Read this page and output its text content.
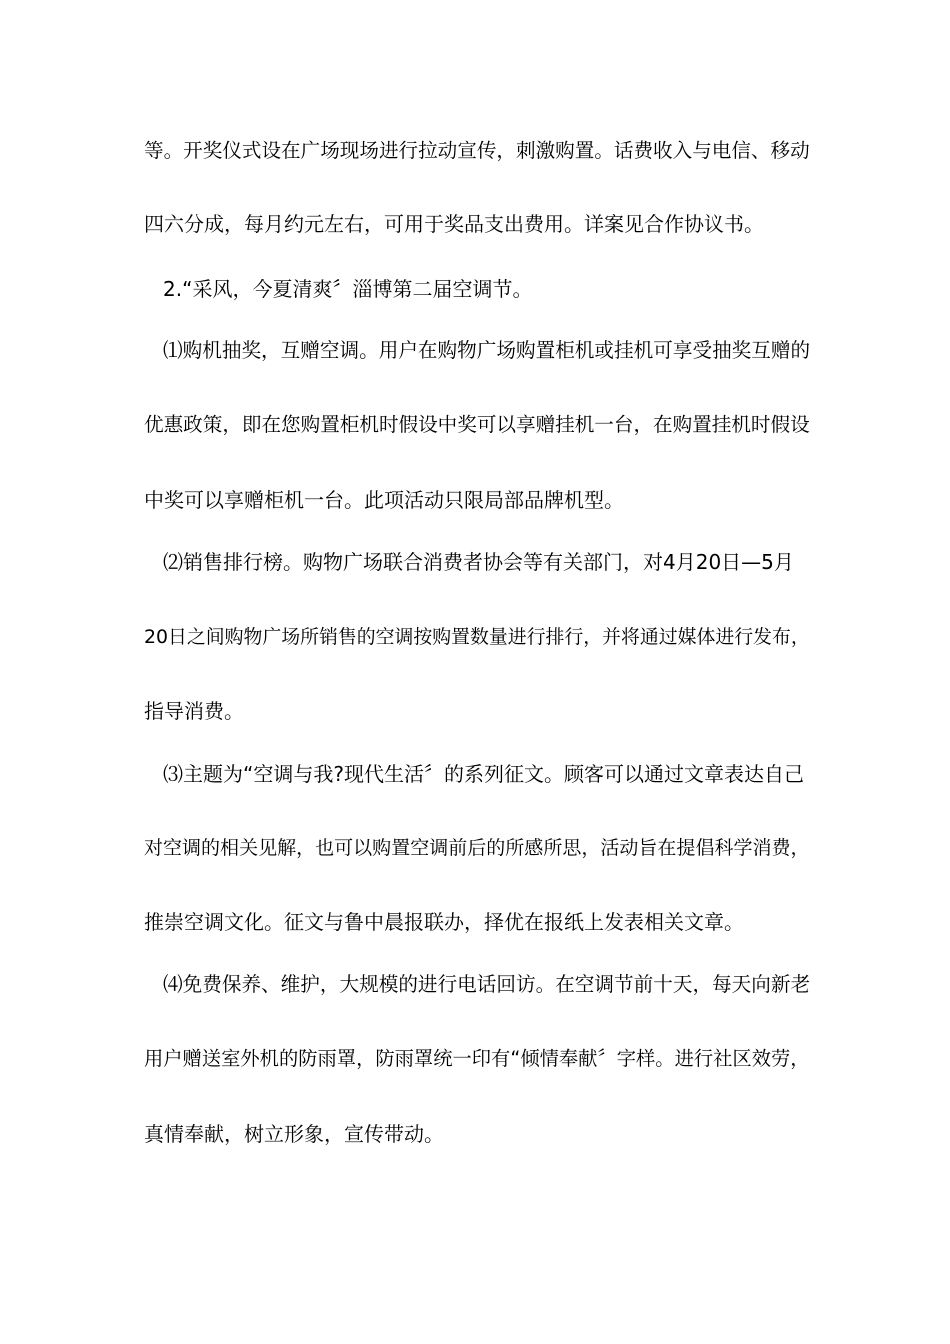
等。开奖仪式设在广场现场进行拉动宣传，刺激购置。话费收入与电信、移动
四六分成，每月约元左右，可用于奖品支出费用。详案见合作协议书。
2.“采风，今夏清爽〞淄博第二届空调节。
⑴购机抽奖，互赠空调。用户在购物广场购置柜机或挂机可享受抽奖互赠的
优惠政策，即在您购置柜机时假设中奖可以享赠挂机一台，在购置挂机时假设
中奖可以享赠柜机一台。此项活动只限局部品牌机型。
⑵销售排行榜。购物广场联合消费者协会等有关部门，对4月20日—5月
20日之间购物广场所销售的空调按购置数量进行排行，并将通过媒体进行发布，
指导消费。
⑶主题为“空调与我?现代生活〞的系列征文。顾客可以通过文章表达自己
对空调的相关见解，也可以购置空调前后的所感所思，活动旨在提倡科学消费，
推崇空调文化。征文与鲁中晨报联办，择优在报纸上发表相关文章。
⑷免费保养、维护，大规模的进行电话回访。在空调节前十天，每天向新老
用户赠送室外机的防雨罩，防雨罩统一印有“倾情奉献〞字样。进行社区效劳，
真情奉献，树立形象，宣传带动。
